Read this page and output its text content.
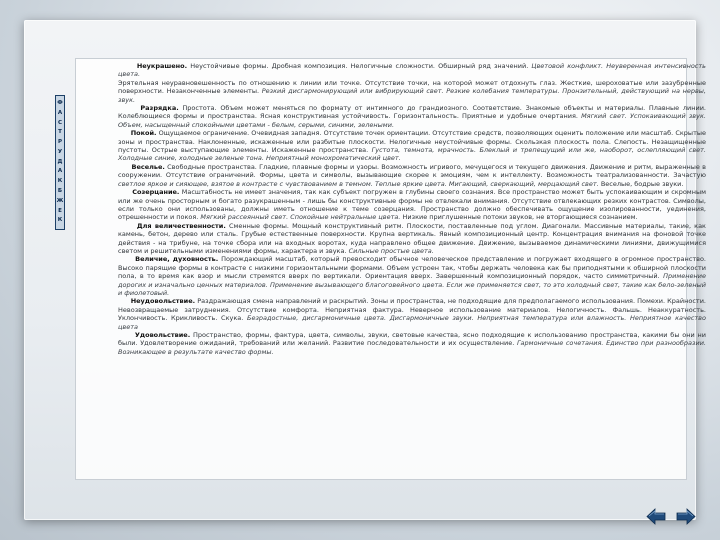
Ф
А
С
Т
Р
У
Д
А
К
Б
Ж
Е
К

Неукрашено. Неустойчивые формы. Дробная композиция. Нелогичные сложности. Обширный ряд значений. Цветовой конфликт. Неуверенная интенсивность цвета.

Эрятельная неуравновешенность по отношению к линии или точке. Отсутствие точки, на которой может отдохнуть глаз. Жесткие, шероховатые или зазубренные поверхности. Незаконченные элементы. Резкий дисгармонирующий или вибрирующий свет. Резкие колебания температуры. Пронзительный, действующий на нервы, звук.

Разрядка. Простота. Объем может меняться по формату от интимного до грандиозного. Соответствие. Знакомые объекты и материалы. Плавные линии. Колеблющиеся формы и пространства. Ясная конструктивная устойчивость. Горизонтальность. Приятные и удобные очертания. Мягкий свет. Успокаивающий звук. Объем, насыщенный спокойными цветами - белым, серыми, синими, зелеными.

Покой. Ощущаемое ограничение. Очевидная западня. Отсутствие точек ориентации. Отсутствие средств, позволяющих оценить положение или масштаб. Скрытые зоны и пространства. Наклоненные, искаженные или разбитые плоскости. Нелогичные неустойчивые формы. Скользкая плоскость пола. Слепость. Незащищенные пустоты. Острые выступающие элементы. Искаженные пространства. Густота, темнота, мрачность. Блеклый и трепещущий или же, наоборот, ослепляющий свет. Холодные синие, холодные зеленые тона. Неприятный монохроматический цвет.

Веселье. Свободные пространства. Гладкие, плавные формы и узоры. Возможность игривого, мечущегося и текущего движения. Движение и ритм, выраженные в сооружении. Отсутствие ограничений. Формы, цвета и символы, вызывающие скорее к эмоциям, чем к интеллекту. Возможность театрализованности. Зачастую светлое яркое и сияющее, взятое в контрасте с чувствованием в темном. Теплые яркие цвета. Мигающий, сверкающий, мерцающий свет. Веселые, бодрые звуки.

Созерцание. Масштабность не имеет значения, так как субъект погружен в глубины своего сознания. Все пространство может быть успокаивающим и скромным или же очень просторным и богато разукрашенным - лишь бы конструктивные формы не отвлекали внимания. Отсутствие отвлекающих резких контрастов. Символы, если только они использованы, должны иметь отношение к теме созерцания. Пространство должно обеспечивать ощущение изолированности, уединения, отрешенности и покоя. Мягкий рассеянный свет. Спокойные нейтральные цвета. Низкие приглушенные потоки звуков, не вторгающиеся сознанием.

Для величественности. Сменные формы. Мощный конструктивный ритм. Плоскости, поставленные под углом. Диагонали. Массивные материалы, такие, как камень, бетон, дерево или сталь. Грубые естественные поверхности. Крупна вертикаль. Явный композиционный центр. Концентрация внимания на фоновой точке действия - на трибуне, на точке сбора или на входных воротах, куда направлено общее движение. Движение, вызываемое динамическими линиями, движущимися светом и решительными изменениями формы, характера и звука. Сильные простые цвета.

Величие, духовность. Порождающий масштаб, который превосходит обычное человеческое представление и погружает входящего в огромное пространство. Высоко парящие формы в контрасте с низкими горизонтальными формами. Объем устроен так, чтобы держать человека как бы приподнятыми к обширной плоскости пола, в то время как взор и мысли стремятся вверх по вертикали. Ориентация вверх. Завершенный композиционный порядок, часто симметричный. Применение дорогих и изначально ценных материалов. Применение вызывающего благоговейного цвета. Если же применяется свет, то это холодный свет, такие как бело-зеленый и фиолетовый.

Неудовольствие. Раздражающая смена направлений и раскрытий. Зоны и пространства, не подходящие для предполагаемого использования. Помехи. Крайности. Невозвращаемые затруднения. Отсутствие комфорта. Неприятная фактура. Неверное использование материалов. Нелогичность. Фальшь. Неаккуратность. Уклончивость. Крикливость. Скука. Безрадостные, дисгармоничные цвета. Дисгармоничные звуки. Неприятная температура или влажность. Неприятное качество цвета

Удовольствие. Пространство, формы, фактура, цвета, символы, звуки, световые качества, ясно подходящие к использованию пространства, какими бы они ни были. Удовлетворение ожиданий, требований или желаний. Развитие последовательности и их осуществление. Гармоничные сочетания. Единство при разнообразии. Возникающее в результате качество формы.
